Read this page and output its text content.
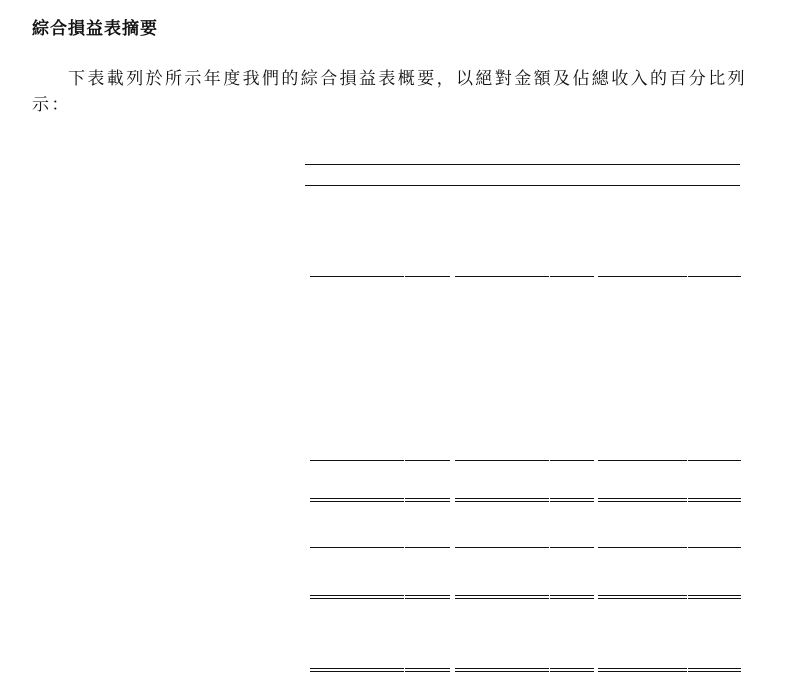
綜合損益表摘要

下表載列於所示年度我們的綜合損益表概要，以絕對金額及佔總收入的百分比列示：
